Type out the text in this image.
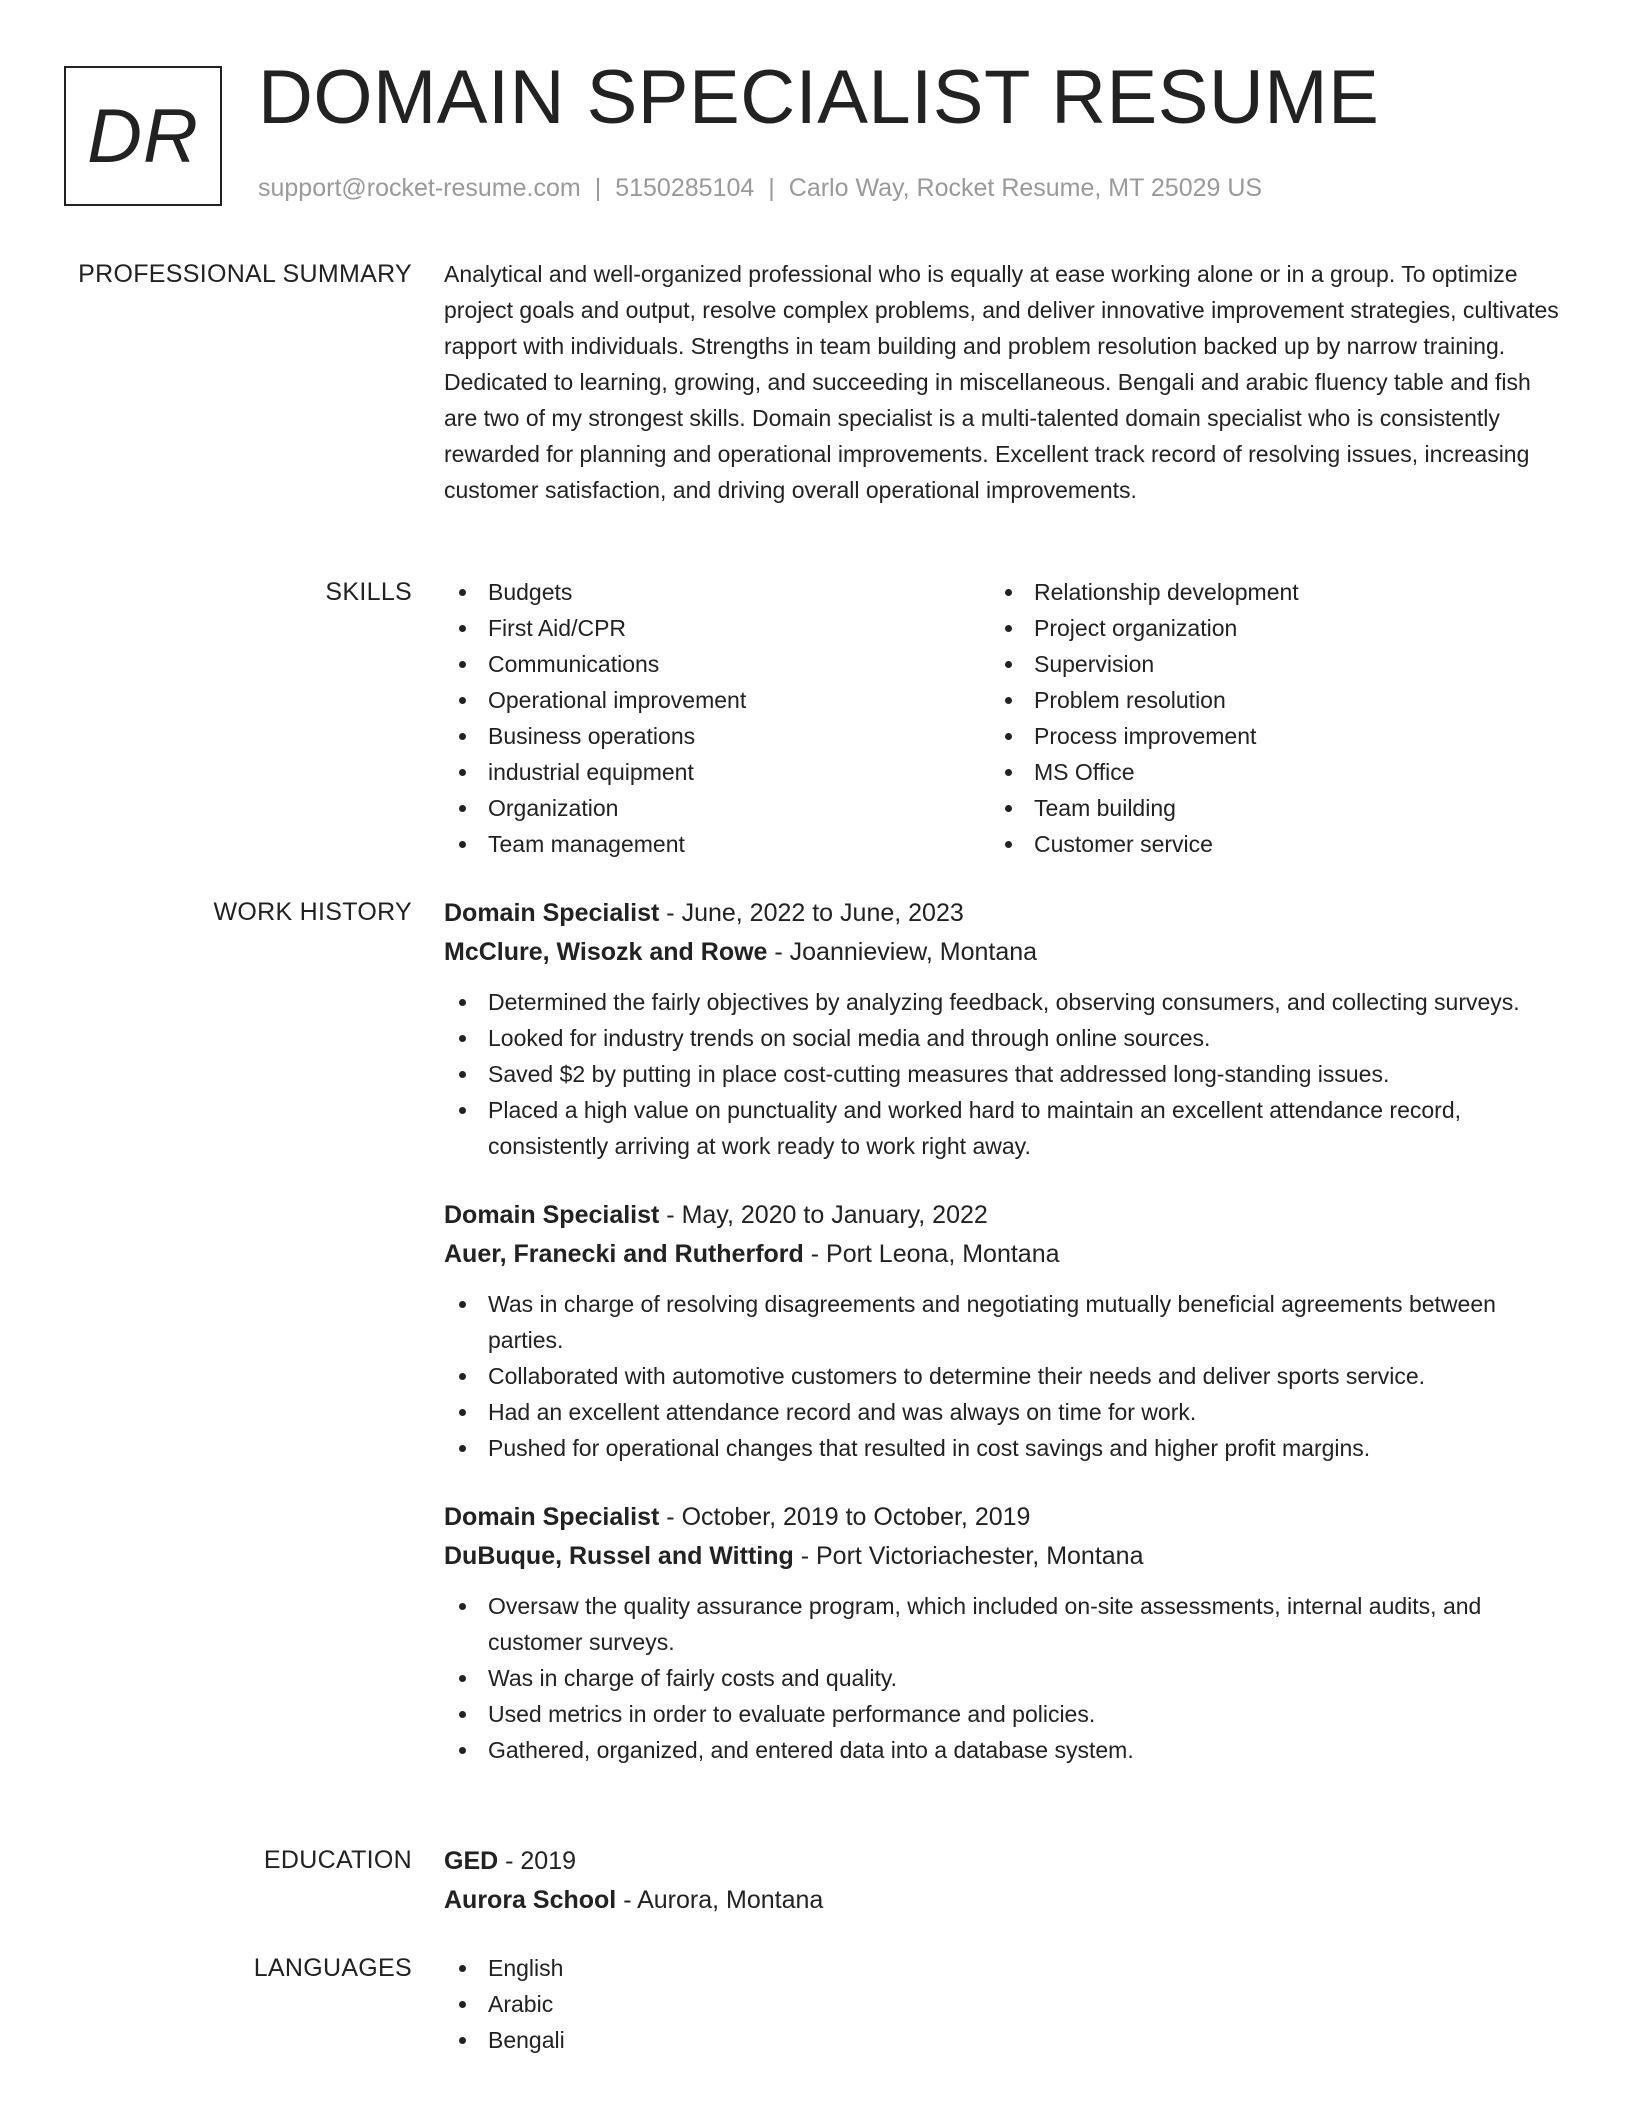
DR DOMAIN SPECIALIST RESUME
support@rocket-resume.com | 5150285104 | Carlo Way, Rocket Resume, MT 25029 US
PROFESSIONAL SUMMARY Analytical and well-organized professional who is equally at ease working alone or in a group. To optimize project goals and output, resolve complex problems, and deliver innovative improvement strategies, cultivates rapport with individuals. Strengths in team building and problem resolution backed up by narrow training. Dedicated to learning, growing, and succeeding in miscellaneous. Bengali and arabic fluency table and fish are two of my strongest skills. Domain specialist is a multi-talented domain specialist who is consistently rewarded for planning and operational improvements. Excellent track record of resolving issues, increasing customer satisfaction, and driving overall operational improvements.

SKILLS	Budgets
First Aid/CPR
Communications
Operational improvement
Business operations
industrial equipment
Organization
Team management
Relationship development
Project organization
Supervision
Problem resolution
Process improvement
MS Office
Team building
Customer service
WORK HISTORY Domain Specialist - June, 2022 to June, 2023
McClure, Wisozk and Rowe - Joannieview, Montana
Determined the fairly objectives by analyzing feedback, observing consumers, and collecting surveys.
Looked for industry trends on social media and through online sources.
Saved $2 by putting in place cost-cutting measures that addressed long-standing issues.
Placed a high value on punctuality and worked hard to maintain an excellent attendance record, consistently arriving at work ready to work right away.
Domain Specialist - May, 2020 to January, 2022
Auer, Franecki and Rutherford - Port Leona, Montana
Was in charge of resolving disagreements and negotiating mutually beneficial agreements between parties.
Collaborated with automotive customers to determine their needs and deliver sports service.
Had an excellent attendance record and was always on time for work.
Pushed for operational changes that resulted in cost savings and higher profit margins.
Domain Specialist - October, 2019 to October, 2019
DuBuque, Russel and Witting - Port Victoriachester, Montana
Oversaw the quality assurance program, which included on-site assessments, internal audits, and customer surveys.
Was in charge of fairly costs and quality.
Used metrics in order to evaluate performance and policies.
Gathered, organized, and entered data into a database system.
EDUCATION GED - 2019
Aurora School - Aurora, Montana
LANGUAGES	English
Arabic
Bengali
